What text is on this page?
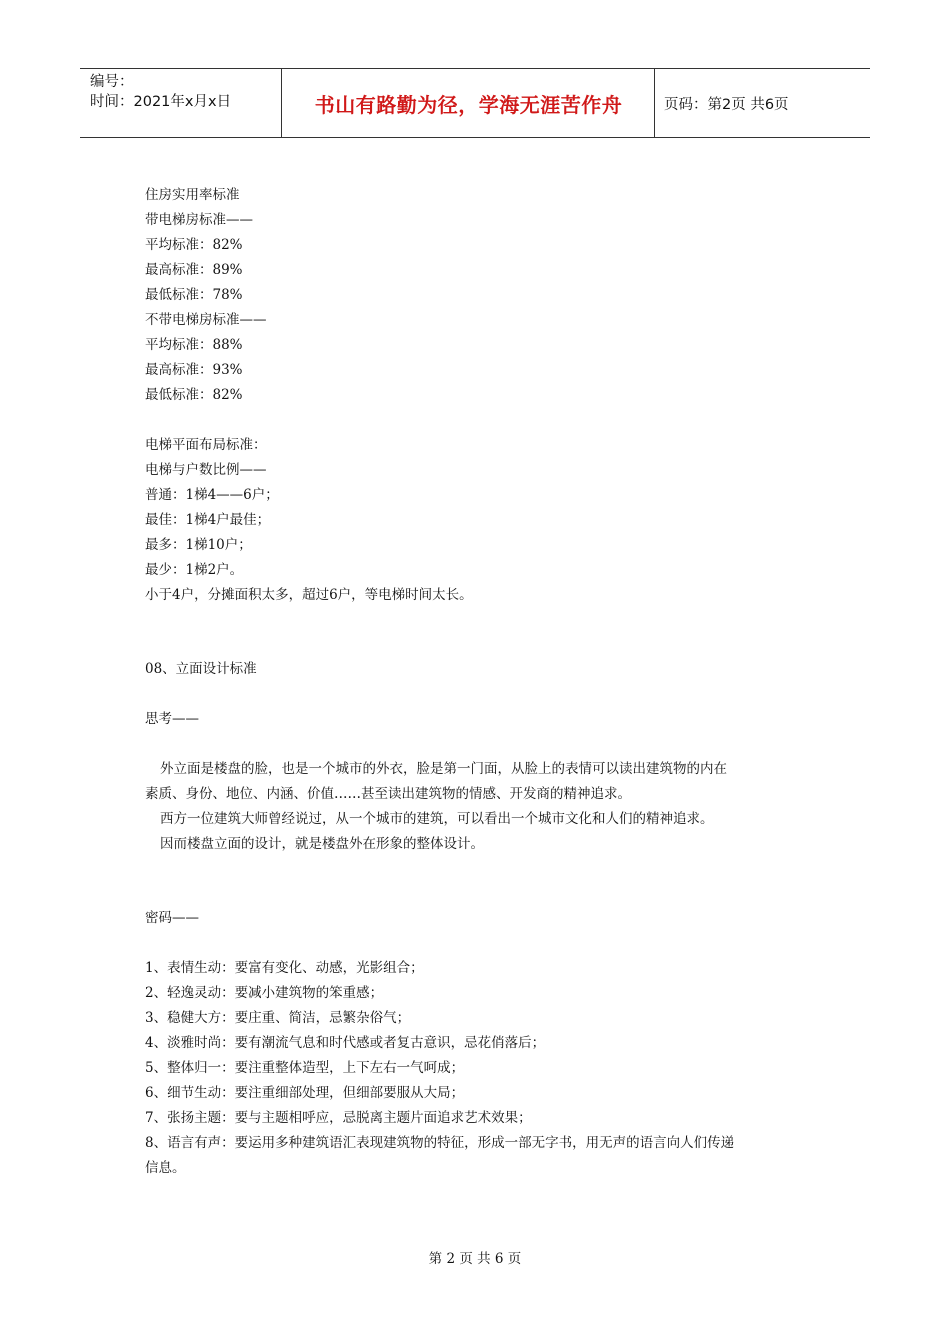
编号：
时间：2021年x月x日	书山有路勤为径，学海无涯苦作舟	页码：第2页 共6页
住房实用率标准
带电梯房标准——
平均标准：82%
最高标准：89%
最低标准：78%
不带电梯房标准——
平均标准：88%
最高标准：93%
最低标准：82%
电梯平面布局标准：
电梯与户数比例——
普通：1梯4——6户；
最佳：1梯4户最佳；
最多：1梯10户；
最少：1梯2户。
小于4户，分摊面积太多，超过6户，等电梯时间太长。
08、立面设计标准
思考——
外立面是楼盘的脸，也是一个城市的外衣，脸是第一门面，从脸上的表情可以读出建筑物的内在
素质、身份、地位、内涵、价值……甚至读出建筑物的情感、开发商的精神追求。
西方一位建筑大师曾经说过，从一个城市的建筑，可以看出一个城市文化和人们的精神追求。
因而楼盘立面的设计，就是楼盘外在形象的整体设计。
密码——
1、表情生动：要富有变化、动感，光影组合；
2、轻逸灵动：要减小建筑物的笨重感；
3、稳健大方：要庄重、简洁，忌繁杂俗气；
4、淡雅时尚：要有潮流气息和时代感或者复古意识，忌花俏落后；
5、整体归一：要注重整体造型，上下左右一气呵成；
6、细节生动：要注重细部处理，但细部要服从大局；
7、张扬主题：要与主题相呼应，忌脱离主题片面追求艺术效果；
8、语言有声：要运用多种建筑语汇表现建筑物的特征，形成一部无字书，用无声的语言向人们传递
信息。
第 2 页 共 6 页
